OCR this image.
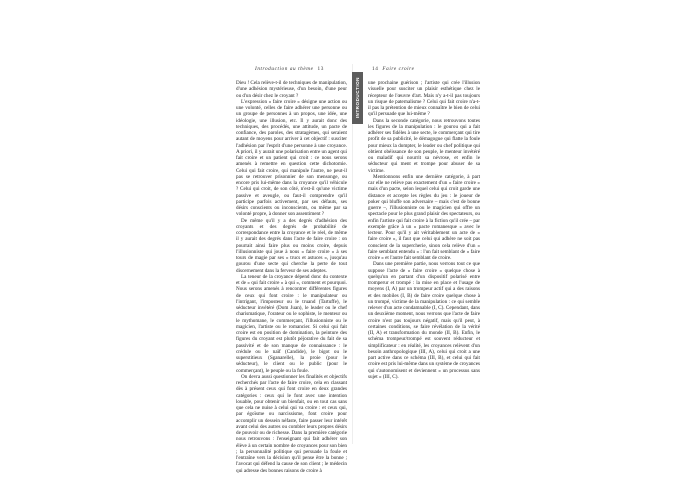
Introduction au thème 13	14 Faire croire
INTRODUCTION

Dieu ! Cela relève-t-il de techniques de manipulation, d'une adhésion mystérieuse, d'un besoin, d'une peur ou d'un désir chez le croyant ?

L'expression « faire croire » désigne une action ou une volonté, celles de faire adhérer une personne ou un groupe de personnes à un propos, une idée, une idéologie, une illusion, etc. Il y aurait donc des techniques, des procédés, une attitude, un pacte de confiance, des paroles, des stratagèmes, qui seraient autant de moyens pour arriver à cet objectif : susciter l'adhésion par l'esprit d'une personne à une croyance. A priori, il y aurait une polarisation entre un agent qui fait croire et un patient qui croit : ce nous serons amenés à remettre en question cette dichotomie. Celui qui fait croire, qui manipule l'autre, ne peut-il pas se retrouver prisonnier de son mensonge, ou encore pris lui-même dans la croyance qu'il véhicule ? Celui qui croit, de son côté, n'est-il qu'une victime passive et aveugle, ou faut-il comprendre qu'il participe parfois activement, par ses défauts, ses désirs conscients ou inconscients, ou même par sa volonté propre, à donner son assentiment ?

De même qu'il y a des degrés d'adhésion des croyants et des degrés de probabilité de correspondance entre la croyance et le réel, de même il y aurait des degrés dans l'acte de faire croire : on pourrait ainsi faire plus ou moins croire, depuis l'illusionniste qui joue à nous « faire croire » à ses tours de magie par ses « trucs et astuces », jusqu'au gourou d'une secte qui cherche la perte de tout discernement dans la ferveur de ses adeptes.

La teneur de la croyance dépend donc du contexte et de « qui fait croire » à qui », comment et pourquoi. Nous serons amenés à rencontrer différentes figures de ceux qui font croire : le manipulateur ou l'intrigant, l'imposteur ou le truand (Tartuffe), le séducteur invétéré (Dom Juan), le leader ou le chef charismatique, l'orateur ou le sophiste, le menteur ou le mythomane, le commerçant, l'illusionniste ou le magicien, l'artiste ou le romancier. Si celui qui fait croire est en position de domination, la peinture des figures du croyant est plutôt péjorative du fait de sa passivité et de son manque de connaissance : le crédule ou le naïf (Candide), le bigot ou le superstitieux (Sganarelle), la proie (pour le séducteur), le client ou le public (pour le commerçant), le peuple ou la foule.

On devra aussi questionner les finalités et objectifs recherchés par l'acte de faire croire, cela en classant dès à présent ceux qui font croire en deux grandes catégories : ceux qui le font avec une intention louable, pour obtenir un bienfait, ou en tout cas sans que cela ne nuise à celui qui va croire : et ceux qui, par égoïsme ou narcissisme, font croire pour accomplir un dessein néfaste, faire passer leur intérêt avant celui des autres ou combler leurs propres désirs de pouvoir ou de richesse. Dans la première catégorie nous retrouvons : l'enseignant qui fait adhérer son élève à un certain nombre de croyances pour son bien ; la personnalité politique qui persuade la foule et l'entraîne vers la décision qu'il pense être la bonne ; l'avocat qui défend la cause de son client ; le médecin qui adresse des bonnes raisons de croire à

une prochaine guérison ; l'artiste qui crée l'illusion visuelle pour susciter un plaisir esthétique chez le récepteur de l'œuvre d'art. Mais n'y a-t-il pas toujours un risque de paternalisme ? Celui qui fait croire n'a-t-il pas la prétention de mieux connaître le bien de celui qu'il persuade que lui-même ?

Dans la seconde catégorie, nous retrouvons toutes les figures de la manipulation : le gourou qui a fait adhérer ses fidèles à une secte, le commerçant qui tire profit de sa publicité, le démagogue qui flatte la foule pour mieux la dompter, le leader ou chef politique qui obtient obéissance de son peuple, le menteur invétéré ou maladif qui nourrit sa névrose, et enfin le séducteur qui ment et trompe pour abuser de sa victime.

Mentionnons enfin une dernière catégorie, à part car elle ne relève pas exactement d'un « faire croire » mais d'un pacte, selon lequel celui qui croit garde une distance et accepte les règles du jeu : le joueur de poker qui bluffe son adversaire – mais c'est de bonne guerre –, l'illusionniste ou le magicien qui offre un spectacle pour le plus grand plaisir des spectateurs, ou enfin l'artiste qui fait croire à la fiction qu'il crée – par exemple grâce à un « pacte romanesque » avec le lecteur. Pour qu'il y ait véritablement un acte de « faire croire », il faut que celui qui adhère ne soit pas conscient de la supercherie, sinon cela relève d'un « faire semblant entendu » : l'un fait semblant de « faire croire » et l'autre fait semblant de croire.

Dans une première partie, nous verrons tout ce que suppose l'acte de « faire croire » quelque chose à quelqu'un en partant d'un dispositif polarisé entre tromperur et trompé : la mise en place et l'usage de moyens (I, A) par un trompeur actif qui a des raisons et des mobiles (I, B) de faire croire quelque chose à un trompé, victime de la manipulation : ce qui semble relever d'un acte condamnable (I, C). Cependant, dans un deuxième moment, nous verrons que l'acte de faire croire n'est pas toujours négatif, mais qu'il peut, à certaines conditions, se faire révélation de la vérité (II, A) et transformation du monde (II, B). Enfin, le schéma trompeur/trompé est souvent réducteur et simplificateur : en réalité, les croyances relèvent d'un besoin anthropologique (III, A), celui qui croit a une part active dans ce schéma (III, B), et celui qui fait croire est pris lui-même dans un système de croyances qui s'autonomisent et deviennent « un processus sans sujet » (III, C).
